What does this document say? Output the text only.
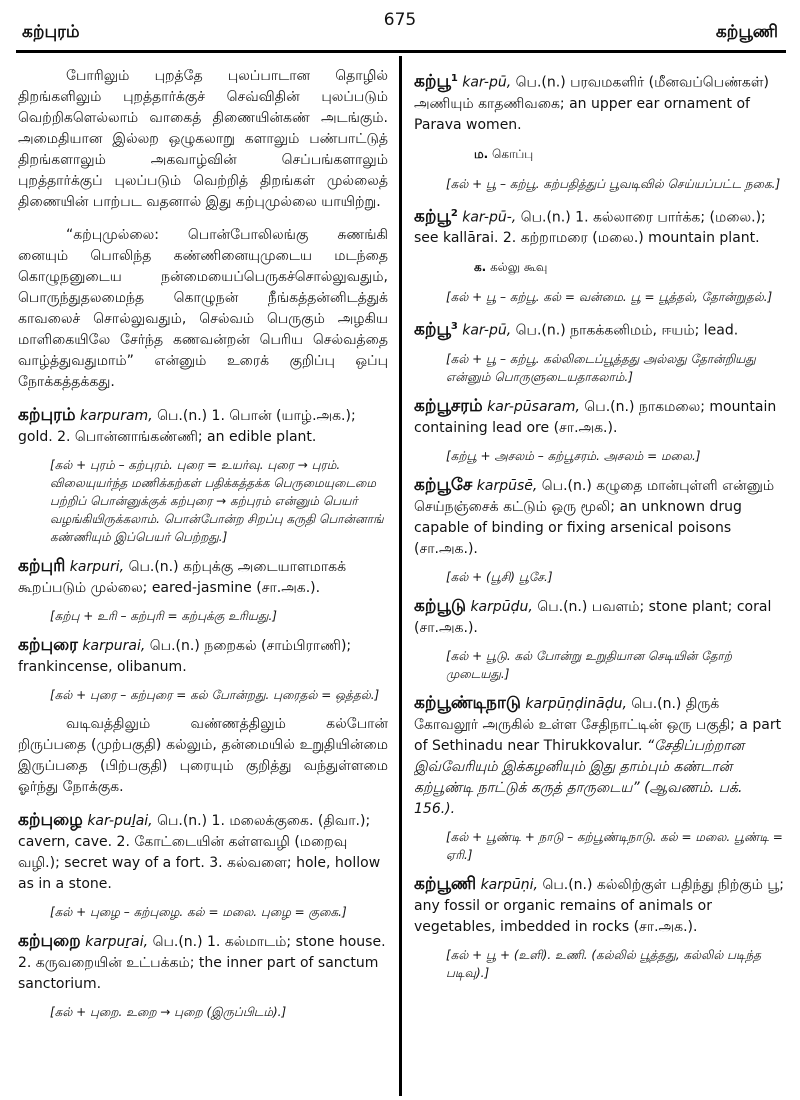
கற்புரம்
675
கற்பூணி

போரிலும் புறத்தே புலப்பாடான தொழில் திறங்களிலும் புறத்தார்க்குச் செவ்விதின் புலப்படும் வெற்றிகளெல்லாம் வாகைத் திணையின்கண் அடங்கும். அமைதியான இல்லற ஒழுகலாறு களாலும் பண்பாட்டுத் திறங்களாலும் அகவாழ்வின் செப்பங்களாலும் புறத்தார்க்குப் புலப்படும் வெற்றித் திறங்கள் முல்லைத் திணையின் பாற்பட வதனால் இது கற்புமுல்லை யாயிற்று.

“கற்புமுல்லை: பொன்போலிலங்கு சுணங்கி னையும் பொலிந்த கண்ணினையுமுடைய மடந்தை கொழுநனுடைய நன்மையைப்பெருகச்சொல்லுவதும், பொருந்துதலமைந்த கொழுநன் நீங்கத்தன்னிடத்துக் காவலைச் சொல்லுவதும், செல்வம் பெருகும் அழகிய மாளிகையிலே சேர்ந்த கணவன்றன் பெரிய செல்வத்தை வாழ்த்துவதுமாம்” என்னும் உரைக் குறிப்பு ஒப்பு நோக்கத்தக்கது.

கற்புரம் karpuram, பெ.(n.) 1. பொன் (யாழ்.அக.); gold. 2. பொன்னாங்கண்ணி; an edible plant.
[கல் + புரம் – கற்புரம். புரை = உயர்வு. புரை → புரம். விலையுயர்ந்த மணிக்கற்கள் பதிக்கத்தக்க பெருமையுடைமை பற்றிப் பொன்னுக்குக் கற்புரை → கற்புரம் என்னும் பெயர் வழங்கியிருக்கலாம். பொன்போன்ற சிறப்பு கருதி பொன்னாங் கண்ணியும் இப்பெயர் பெற்றது.]
கற்புரி karpuri, பெ.(n.) கற்புக்கு அடையாளமாகக் கூறப்படும் முல்லை; eared-jasmine (சா.அக.).
[கற்பு + உரி – கற்புரி = கற்புக்கு உரியது.]
கற்புரை karpurai, பெ.(n.) நறைகல் (சாம்பிராணி); frankincense, olibanum.
[கல் + புரை – கற்புரை = கல் போன்றது. புரைதல் = ஒத்தல்.]

வடிவத்திலும் வண்ணத்திலும் கல்போன் றிருப்பதை (முற்பகுதி) கல்லும், தன்மையில் உறுதியின்மை இருப்பதை (பிற்பகுதி) புரையும் குறித்து வந்துள்ளமை ஓர்ந்து நோக்குக.

கற்புழை kar-puḻai, பெ.(n.) 1. மலைக்குகை. (திவா.); cavern, cave. 2. கோட்டையின் கள்ளவழி (மறைவு வழி.); secret way of a fort. 3. கல்வளை; hole, hollow as in a stone.
[கல் + புழை – கற்புழை. கல் = மலை. புழை = குகை.]
கற்புறை karpuṟai, பெ.(n.) 1. கல்மாடம்; stone house. 2. கருவறையின் உட்பக்கம்; the inner part of sanctum sanctorium.
[கல் + புறை. உறை → புறை (இருப்பிடம்).]
கற்பூ$^1$ kar-pū, பெ.(n.) பரவமகளிர் (மீனவப்பெண்கள்) அணியும் காதணிவகை; an upper ear ornament of Parava women.
ம. கொப்பு
[கல் + பூ – கற்பூ. கற்பதித்துப் பூவடிவில் செய்யப்பட்ட நகை.]
கற்பூ$^2$ kar-pū-, பெ.(n.) 1. கல்லாரை பார்க்க; (மலை.); see kallārai. 2. கற்றாமரை (மலை.) mountain plant.
க. கல்லு கூவு
[கல் + பூ – கற்பூ. கல் = வன்மை. பூ = பூத்தல், தோன்றுதல்.]
கற்பூ$^3$ kar-pū, பெ.(n.) நாகக்கனிமம், ஈயம்; lead.
[கல் + பூ – கற்பூ. கல்லிடைப்பூத்தது அல்லது தோன்றியது என்னும் பொருளுடையதாகலாம்.]
கற்பூசரம் kar-pūsaram, பெ.(n.) நாகமலை; mountain containing lead ore (சா.அக.).
[கற்பூ + அசலம் – கற்பூசரம். அசலம் = மலை.]
கற்பூசே karpūsē, பெ.(n.) கழுதை மான்புள்ளி என்னும் செய்நஞ்சைக் கட்டும் ஒரு மூலி; an unknown drug capable of binding or fixing arsenical poisons (சா.அக.).
[கல் + (பூசி) பூசே.]
கற்பூடு karpūḍu, பெ.(n.) பவளம்; stone plant; coral (சா.அக.).
[கல் + பூடு. கல் போன்று உறுதியான செடியின் தோற் முடையது.]
கற்பூண்டிநாடு karpūṇḍināḍu, பெ.(n.) திருக் கோவலூர் அருகில் உள்ள சேதிநாட்டின் ஒரு பகுதி; a part of Sethinadu near Thirukkovalur. “சேதிப்பற்றான இவ்வேரியும் இக்கழனியும் இது தாம்பும் கண்டான் கற்பூண்டி நாட்டுக் கருத் தாருடைய” (ஆவணம். பக். 156.).
[கல் + பூண்டி + நாடு – கற்பூண்டிநாடு. கல் = மலை. பூண்டி = ஏரி.]
கற்பூணி karpūṇi, பெ.(n.) கல்லிற்குள் பதிந்து நிற்கும் பூ; any fossil or organic remains of animals or vegetables, imbedded in rocks (சா.அக.).
[கல் + பூ + (உளி). உணி. (கல்லில் பூத்தது, கல்லில் படிந்த படிவு).]
